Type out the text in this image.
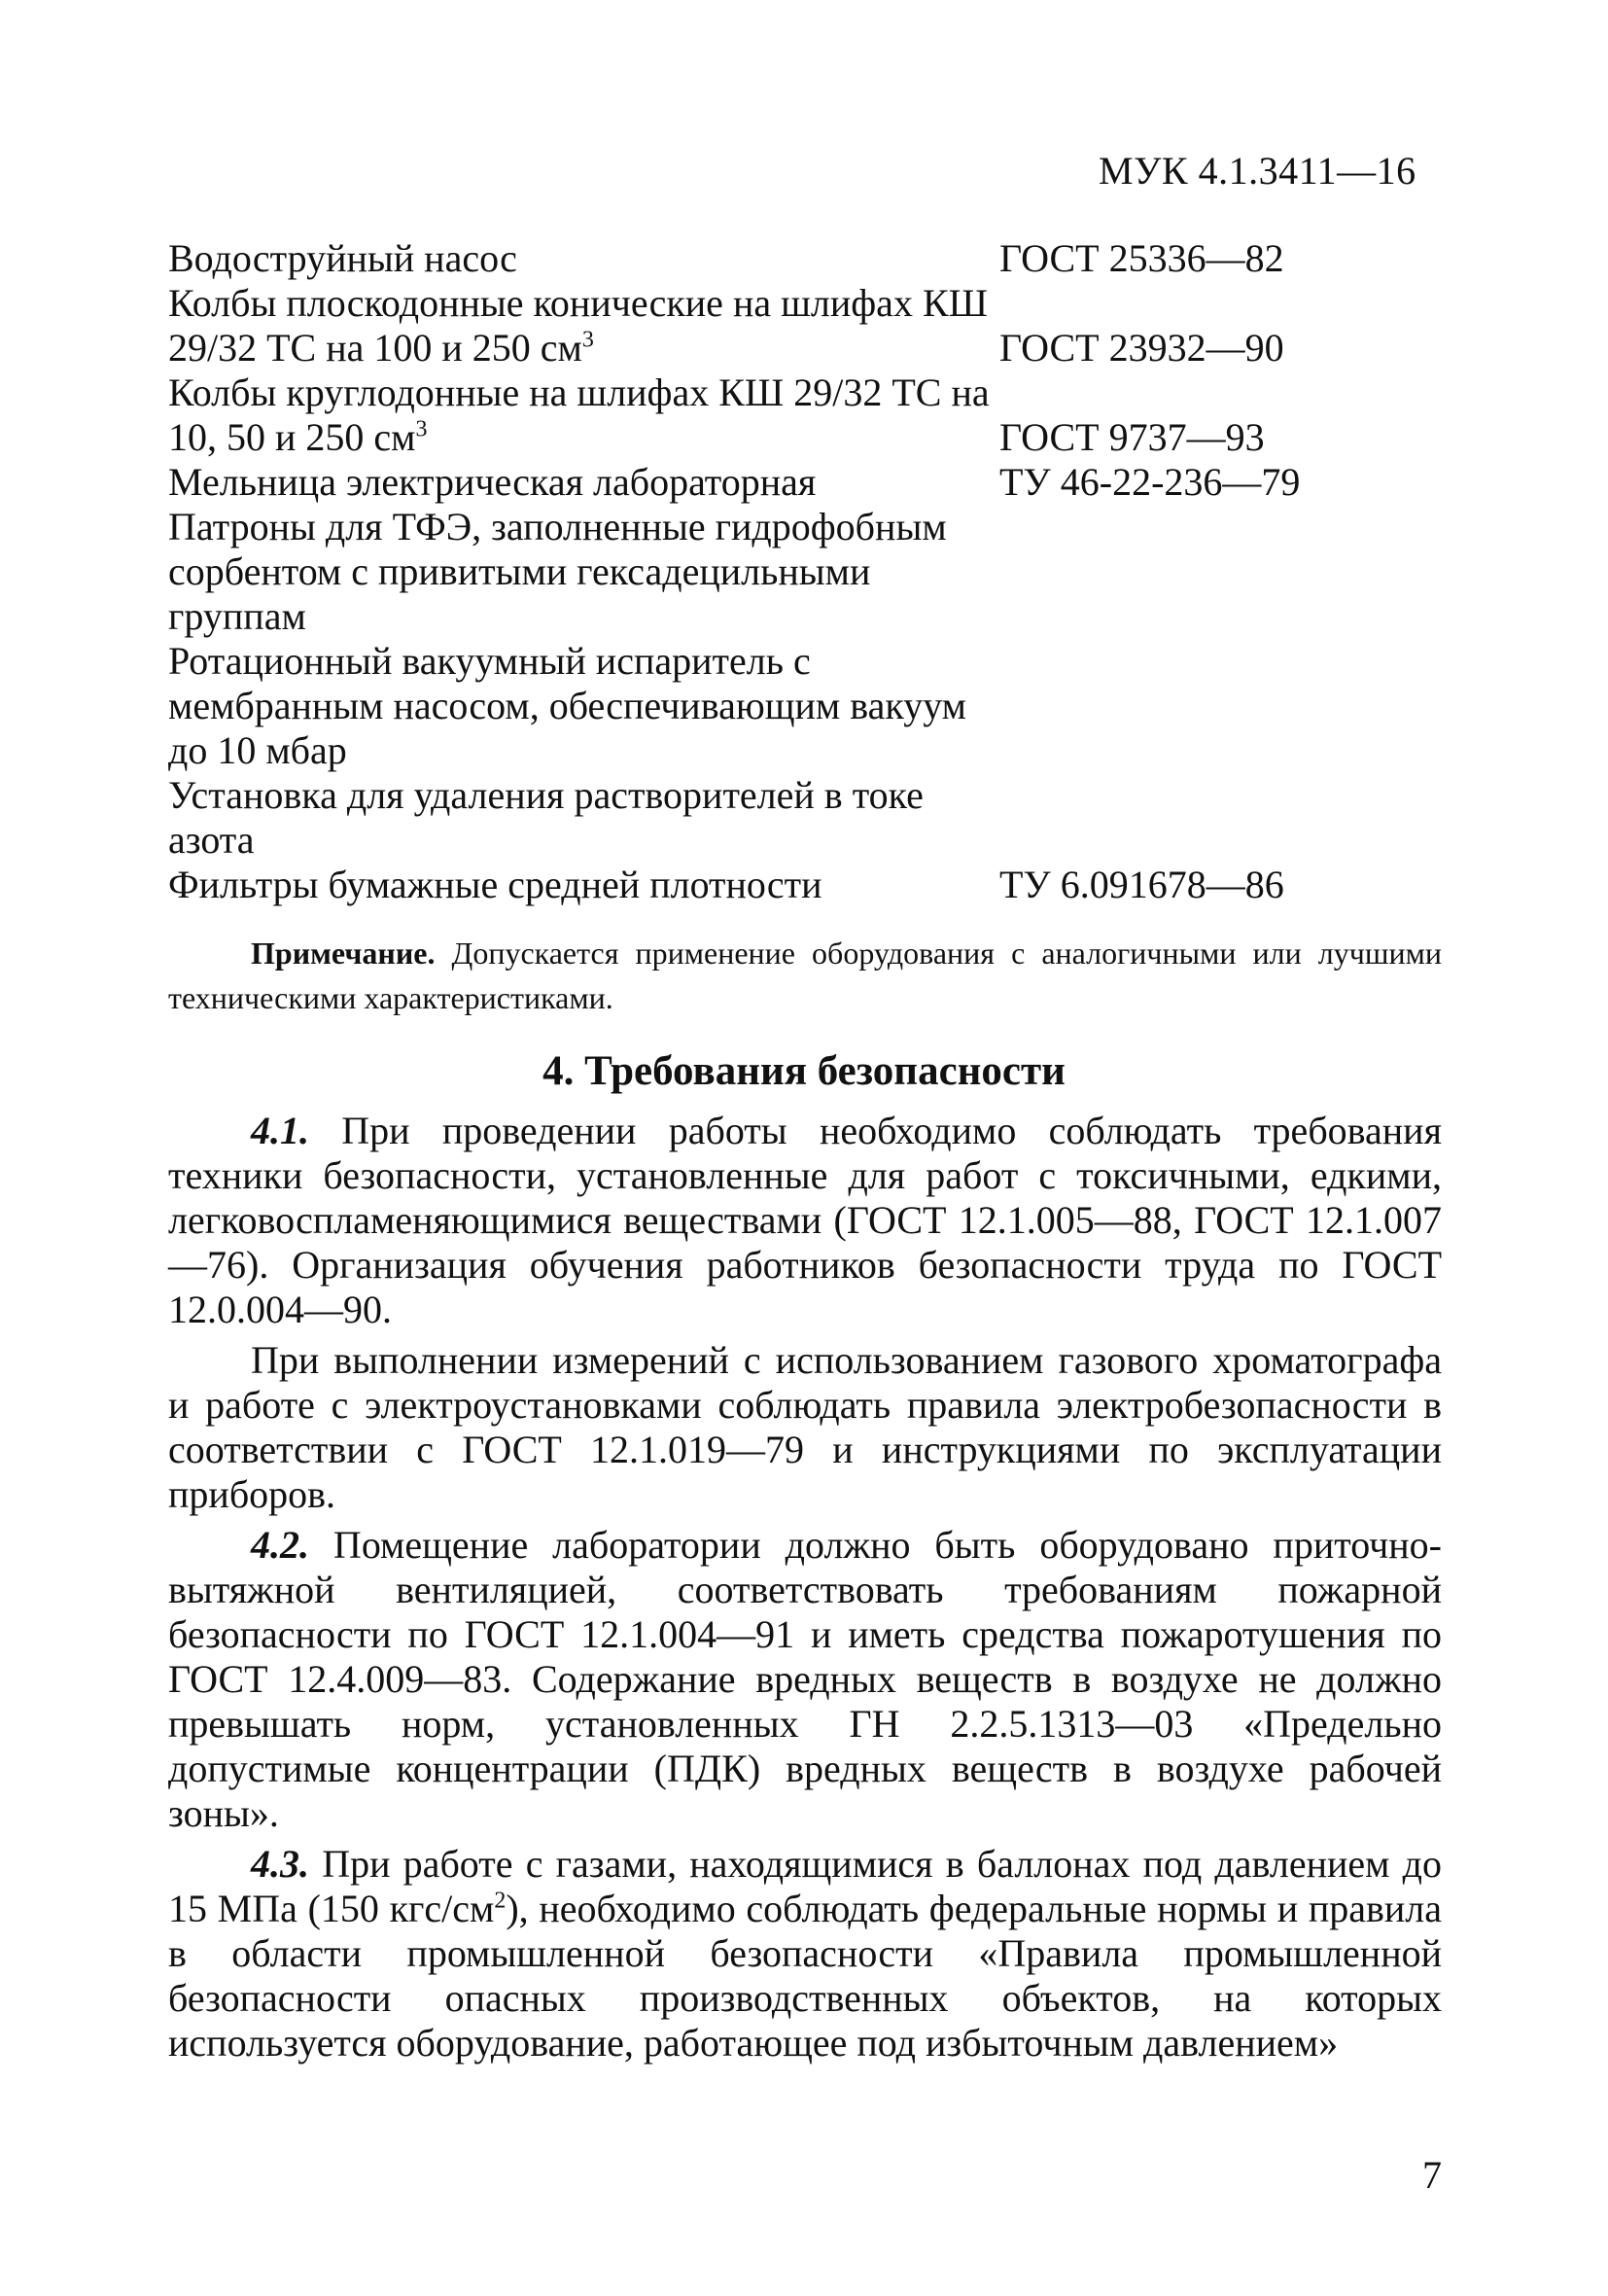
МУК 4.1.3411—16
Водоструйный насос	ГОСТ 25336—82
Колбы плоскодонные конические на шлифах КШ 29/32 ТС на 100 и 250 $см^3$	ГОСТ 23932—90
Колбы круглодонные на шлифах КШ 29/32 ТС на 10, 50 и 250 $см^3$	ГОСТ 9737—93
Мельница электрическая лабораторная	ТУ 46-22-236—79
Патроны для ТФЭ, заполненные гидрофобным сорбентом с привитыми гексадецильными группам
Ротационный вакуумный испаритель с мембранным насосом, обеспечивающим вакуум до 10 мбар
Установка для удаления растворителей в токе азота
Фильтры бумажные средней плотности	ТУ 6.091678—86
Примечание. Допускается применение оборудования с аналогичными или лучшими техническими характеристиками.
4. Требования безопасности

4.1. При проведении работы необходимо соблюдать требования техники безопасности, установленные для работ с токсичными, едкими, легковоспламеняющимися веществами (ГОСТ 12.1.005—88, ГОСТ 12.1.007—76). Организация обучения работников безопасности труда по ГОСТ 12.0.004—90.

При выполнении измерений с использованием газового хроматографа и работе с электроустановками соблюдать правила электробезопасности в соответствии с ГОСТ 12.1.019—79 и инструкциями по эксплуатации приборов.

4.2. Помещение лаборатории должно быть оборудовано приточно-вытяжной вентиляцией, соответствовать требованиям пожарной безопасности по ГОСТ 12.1.004—91 и иметь средства пожаротушения по ГОСТ 12.4.009—83. Содержание вредных веществ в воздухе не должно превышать норм, установленных ГН 2.2.5.1313—03 «Предельно допустимые концентрации (ПДК) вредных веществ в воздухе рабочей зоны».

4.3. При работе с газами, находящимися в баллонах под давлением до 15 МПа (150 кгс/$см^2$), необходимо соблюдать федеральные нормы и правила в области промышленной безопасности «Правила промышленной безопасности опасных производственных объектов, на которых используется оборудование, работающее под избыточным давлением»

7
